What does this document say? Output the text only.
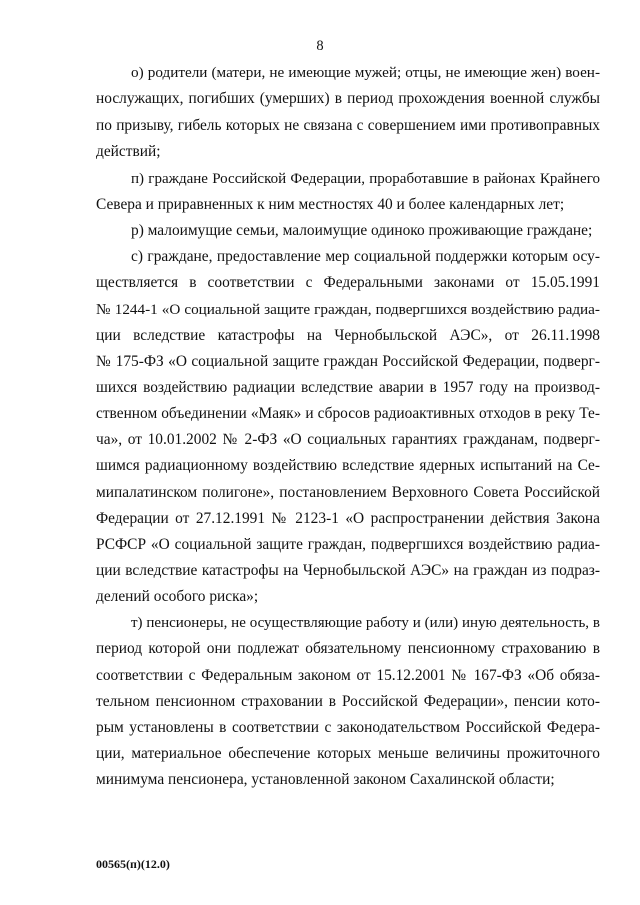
8
о) родители (матери, не имеющие мужей; отцы, не имеющие жен) воен-
нослужащих, погибших (умерших) в период прохождения военной службы
по призыву, гибель которых не связана с совершением ими противоправных
действий;
п) граждане Российской Федерации, проработавшие в районах Крайнего
Севера и приравненных к ним местностях 40 и более календарных лет;
р) малоимущие семьи, малоимущие одиноко проживающие граждане;
с) граждане, предоставление мер социальной поддержки которым осу-
ществляется в соответствии с Федеральными законами от 15.05.1991
№ 1244-1 «О социальной защите граждан, подвергшихся воздействию радиа-
ции вследствие катастрофы на Чернобыльской АЭС», от 26.11.1998
№ 175-ФЗ «О социальной защите граждан Российской Федерации, подверг-
шихся воздействию радиации вследствие аварии в 1957 году на производ-
ственном объединении «Маяк» и сбросов радиоактивных отходов в реку Те-
ча», от 10.01.2002 № 2-ФЗ «О социальных гарантиях гражданам, подверг-
шимся радиационному воздействию вследствие ядерных испытаний на Се-
мипалатинском полигоне», постановлением Верховного Совета Российской
Федерации от 27.12.1991 № 2123-1 «О распространении действия Закона
РСФСР «О социальной защите граждан, подвергшихся воздействию радиа-
ции вследствие катастрофы на Чернобыльской АЭС» на граждан из подраз-
делений особого риска»;
т) пенсионеры, не осуществляющие работу и (или) иную деятельность, в
период которой они подлежат обязательному пенсионному страхованию в
соответствии с Федеральным законом от 15.12.2001 № 167-ФЗ «Об обяза-
тельном пенсионном страховании в Российской Федерации», пенсии кото-
рым установлены в соответствии с законодательством Российской Федера-
ции, материальное обеспечение которых меньше величины прожиточного
минимума пенсионера, установленной законом Сахалинской области;
00565(п)(12.0)
